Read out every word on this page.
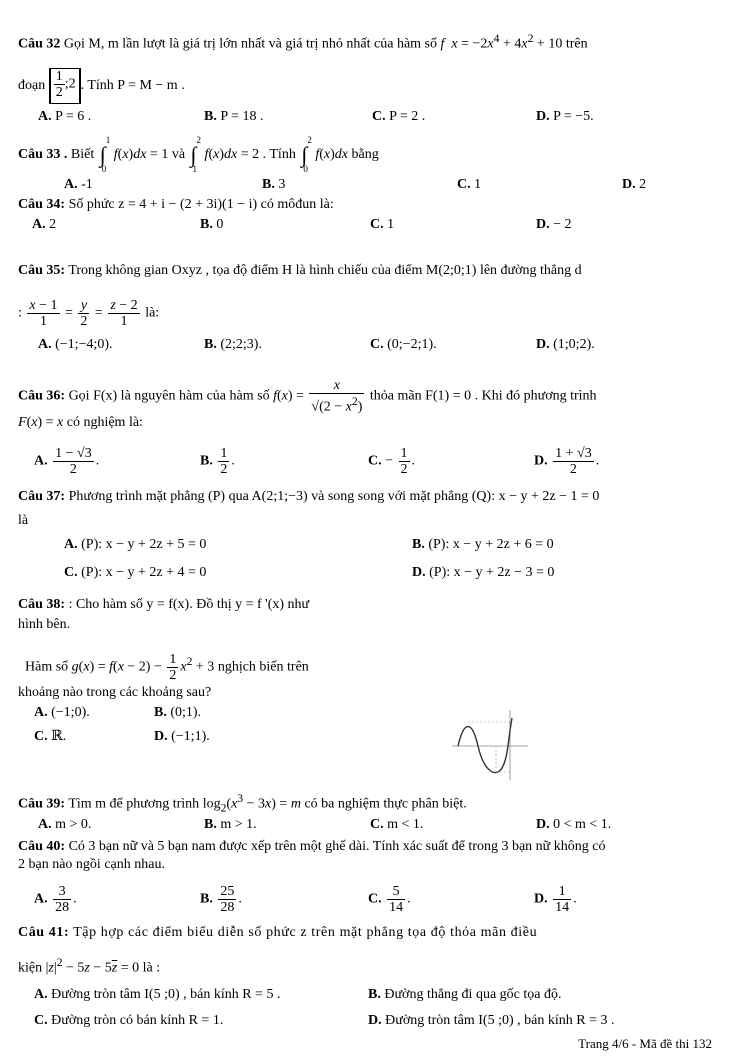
Câu 32 Gọi M, m lần lượt là giá trị lớn nhất và giá trị nhỏ nhất của hàm số f $x = -2x^4 + 4x^2 + 10$ trên
đoạn $\frac{1}{2}$ ;2 . Tính P = M − m .
A. P = 6 .	B. P = 18 .	C. P = 2 .	D. P = −5.
Câu 33 . Biết
1
∫
0
f(x)dx = 1 và
2
∫
1
f(x)dx = 2 . Tính
2
∫
0
f(x)dx bằng
A. -1	B. 3	C. 1	D. 2
Câu 34: Số phức z = 4 + i − (2 + 3i)(1 − i) có môđun là:
A. 2	B. 0	C. 1	D. − 2
Câu 35: Trong không gian Oxyz , tọa độ điểm H là hình chiếu của điểm M(2;0;1) lên đường thẳng d
: $\frac{x - 1}{1} = \frac{y}{2} = \frac{z - 2}{1}$ là:
A. (−1;−4;0).	B. (2;2;3).	C. (0;−2;1).	D. (1;0;2).
Câu 36: Gọi F(x) là nguyên hàm của hàm số $f(x) = \frac{x}{√(2 - x^2)}$ thỏa mãn F(1) = 0 . Khi đó phương trình
F(x) = x có nghiệm là:
A. $\frac{1 - √3}{2}$ .	B. $\frac{1}{2}$ .	C. − $\frac{1}{2}$ .	D. $\frac{1 + √3}{2}$ .
Câu 37: Phương trình mặt phẳng (P) qua A(2;1;−3) và song song với mặt phẳng (Q): x − y + 2z − 1 = 0
là
A. (P): x − y + 2z + 5 = 0	B. (P): x − y + 2z + 6 = 0
C. (P): x − y + 2z + 4 = 0	D. (P): x − y + 2z − 3 = 0
Câu 38: : Cho hàm số y = f(x). Đồ thị y = f '(x) như
hình bên.
Hàm số $g(x) = f(x - 2) - \frac{1}{2} x^2 + 3$ nghịch biến trên
khoảng nào trong các khoảng sau?
A. (−1;0).	B. (0;1).
C. ℝ.	D. (−1;1).
Câu 39: Tìm m để phương trình $\log_2(x^3 - 3x) = m$ có ba nghiệm thực phân biệt.
A. m > 0.	B. m > 1.	C. m < 1.	D. 0 < m < 1.
Câu 40: Có 3 bạn nữ và 5 bạn nam được xếp trên một ghế dài. Tính xác suất để trong 3 bạn nữ không có
2 bạn nào ngồi cạnh nhau.
A. $\frac{3}{28}$ .	B. $\frac{25}{28}$ .	C. $\frac{5}{14}$ .	D. $\frac{1}{14}$ .
Câu 41: Tập hợp các điểm biểu diễn số phức z trên mặt phẳng tọa độ thỏa mãn điều
kiện $|z|^2 - 5z - 5\overline{z} = 0$ là :
A. Đường tròn tâm I(5 ;0) , bán kính R = 5 .	B. Đường thẳng đi qua gốc tọa độ.
C. Đường tròn có bán kính R = 1.	D. Đường tròn tâm I(5 ;0) , bán kính R = 3 .
Trang 4/6 - Mã đề thi 132
